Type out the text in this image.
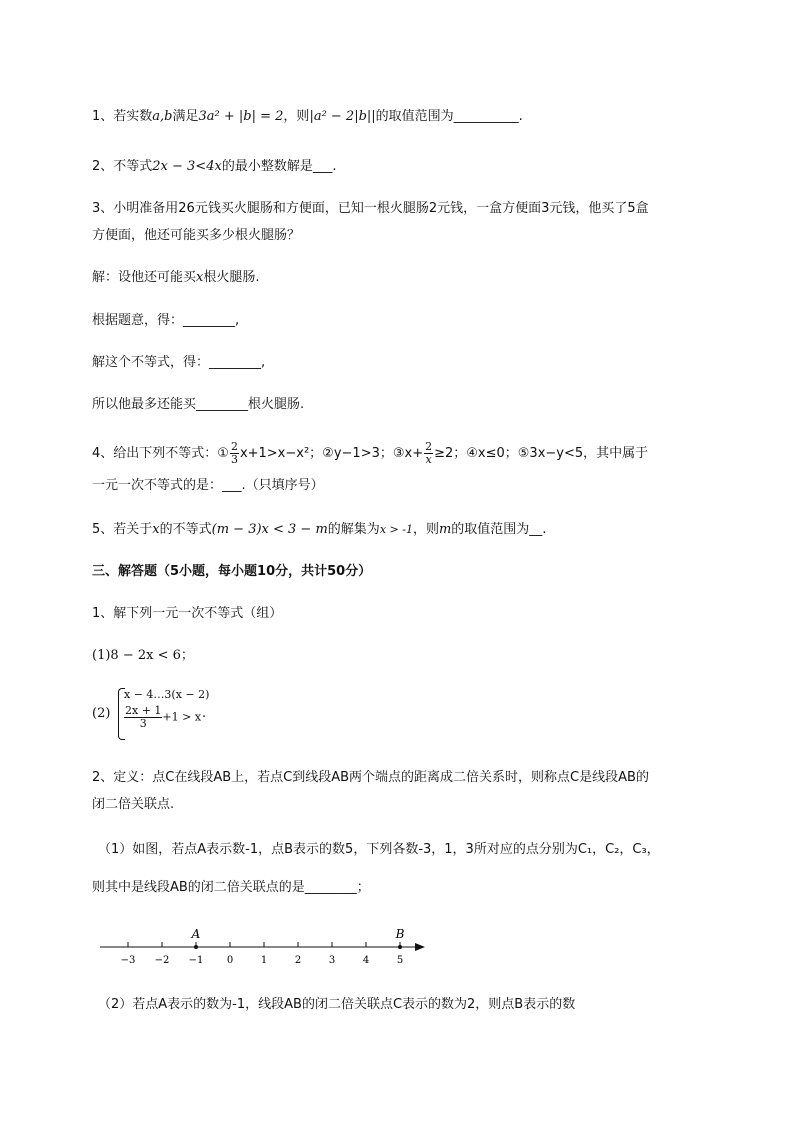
1、若实数a,b满足3a² + |b| = 2，则|a² − 2|b||的取值范围为__________.
2、不等式2x − 3<4x的最小整数解是___.
3、小明准备用26元钱买火腿肠和方便面，已知一根火腿肠2元钱，一盒方便面3元钱，他买了5盒
方便面，他还可能买多少根火腿肠？
解：设他还可能买x根火腿肠.
根据题意，得：________,
解这个不等式，得：________,
所以他最多还能买________根火腿肠.
4、给出下列不等式：① $\frac{2}{3} x+1>x-x^2$；②y−1>3；③x+ $\frac{2}{x} \ge 2$；④x≤0；⑤3x−y<5，其中属于
一元一次不等式的是：___.（只填序号）
5、若关于x的不等式(m − 3)x < 3 − m的解集为x > -1，则m的取值范围为__.
三、解答题（5小题，每小题10分，共计50分）
1、解下列一元一次不等式（组）
(1)8 − 2x < 6；
(2)
x − 4…3(x − 2)
$\frac{2x + 1}{3} +1 > x$ .
2、定义：点C在线段AB上，若点C到线段AB两个端点的距离成二倍关系时，则称点C是线段AB的
闭二倍关联点.
（1）如图，若点A表示数-1，点B表示的数5，下列各数-3，1，3所对应的点分别为C₁，C₂，C₃，
则其中是线段AB的闭二倍关联点的是________；
−3 −2 −1 0	1	2	3	4	5
A	B
（2）若点A表示的数为-1，线段AB的闭二倍关联点C表示的数为2，则点B表示的数
